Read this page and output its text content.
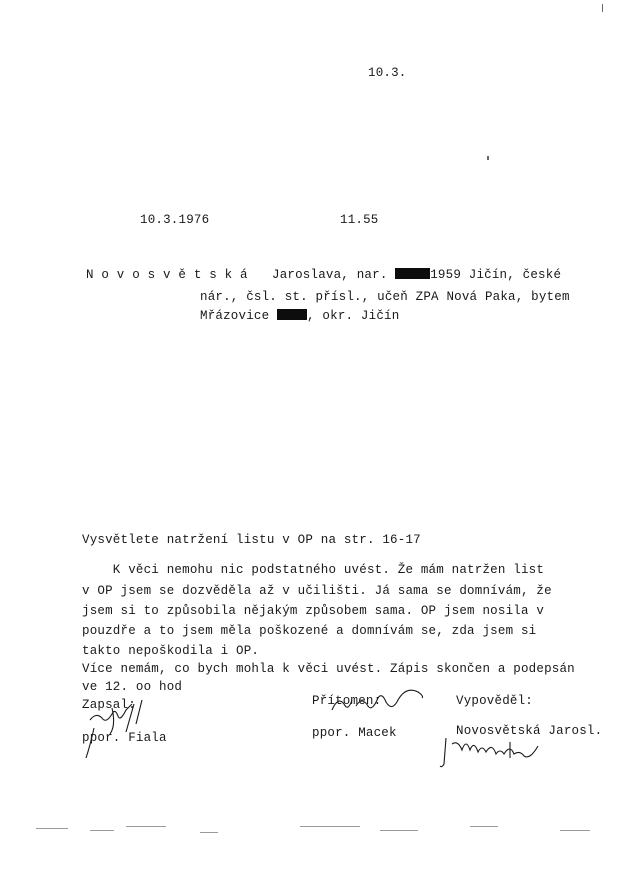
10.3.
10.3.1976	11.55
N o v o s v ě t s k á Jaroslava, nar.	1959 Jičín, české
nár., čsl. st. přísl., učeň ZPA Nová Paka, bytem
Mřázovice	, okr. Jičín
Vysvětlete natržení listu v OP na str. 16-17
K věci nemohu nic podstatného uvést. Že mám natržen list
v OP jsem se dozvěděla až v učilišti. Já sama se domnívám, že
jsem si to způsobila nějakým způsobem sama. OP jsem nosila v
pouzdře a to jsem měla poškozené a domnívám se, zda jsem si
takto nepoškodila i OP.
Více nemám, co bych mohla k věci uvést. Zápis skončen a podepsán
ve 12. oo hod
Zapsal:
ppor. Fiala
Přítomen:
ppor. Macek
Vypověděl:
Novosvětská Jarosl.
